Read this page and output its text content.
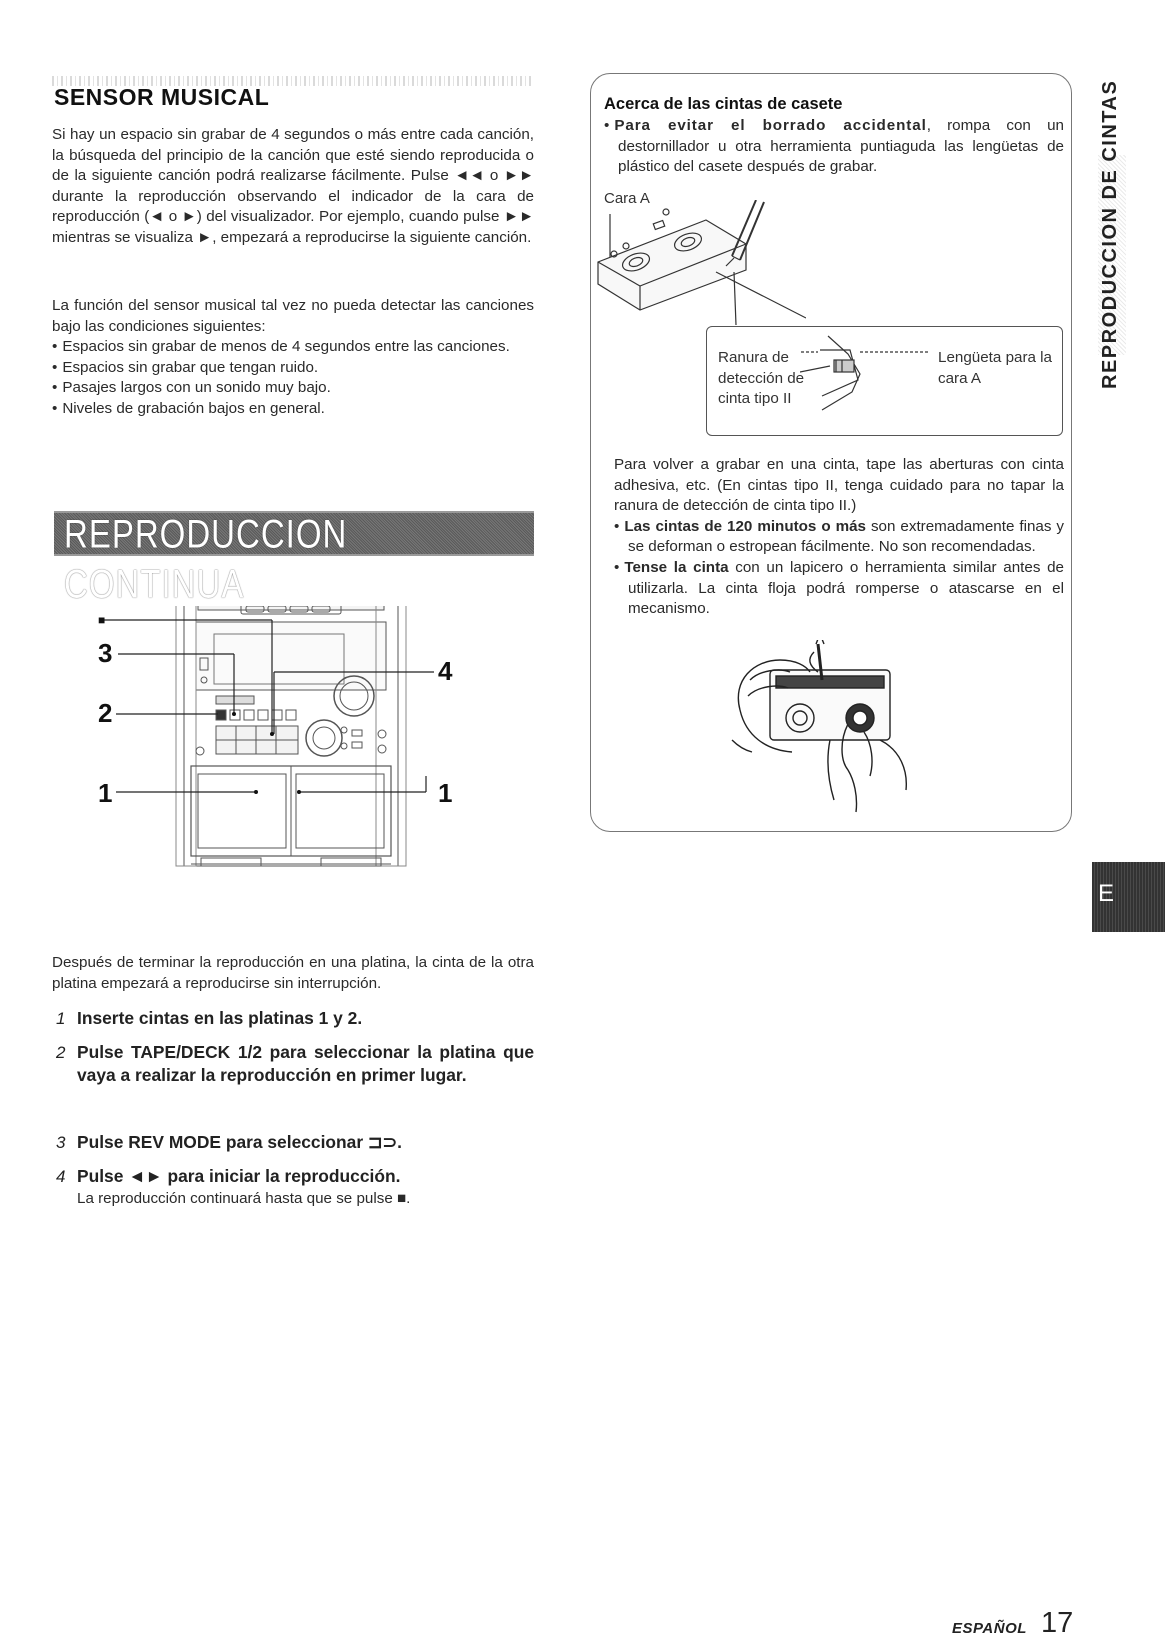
SENSOR MUSICAL
Si hay un espacio sin grabar de 4 segundos o más entre cada canción, la búsqueda del principio de la canción que esté siendo reproducida o de la siguiente canción podrá realizarse fácilmente. Pulse ◄◄ o ►► durante la reproducción observando el indicador de la cara de reproducción (◄ o ►) del visualizador. Por ejemplo, cuando pulse ►► mientras se visualiza ►, empezará a reproducirse la siguiente canción.
La función del sensor musical tal vez no pueda detectar las canciones bajo las condiciones siguientes:
• Espacios sin grabar de menos de 4 segundos entre las canciones.
• Espacios sin grabar que tengan ruido.
• Pasajes largos con un sonido muy bajo.
• Niveles de grabación bajos en general.
REPRODUCCION CONTINUA
■
3
2
1
4
1
Después de terminar la reproducción en una platina, la cinta de la otra platina empezará a reproducirse sin interrupción.
1 Inserte cintas en las platinas 1 y 2.
2 Pulse TAPE/DECK 1/2 para seleccionar la platina que vaya a realizar la reproducción en primer lugar.
3 Pulse REV MODE para seleccionar ⊐⊃.
4 Pulse ◄► para iniciar la reproducción.
La reproducción continuará hasta que se pulse ■.
Acerca de las cintas de casete
• Para evitar el borrado accidental, rompa con un destornillador u otra herramienta puntiaguda las lengüetas de plástico del casete después de grabar.
Cara A
Ranura de detección de cinta tipo II
Lengüeta para la cara A
Para volver a grabar en una cinta, tape las aberturas con cinta adhesiva, etc. (En cintas tipo II, tenga cuidado para no tapar la ranura de detección de cinta tipo II.)
• Las cintas de 120 minutos o más son extremadamente finas y se deforman o estropean fácilmente. No son recomendadas.
• Tense la cinta con un lapicero o herramienta similar antes de utilizarla. La cinta floja podrá romperse o atascarse en el mecanismo.
REPRODUCCION DE CINTAS
E
ESPAÑOL 17
